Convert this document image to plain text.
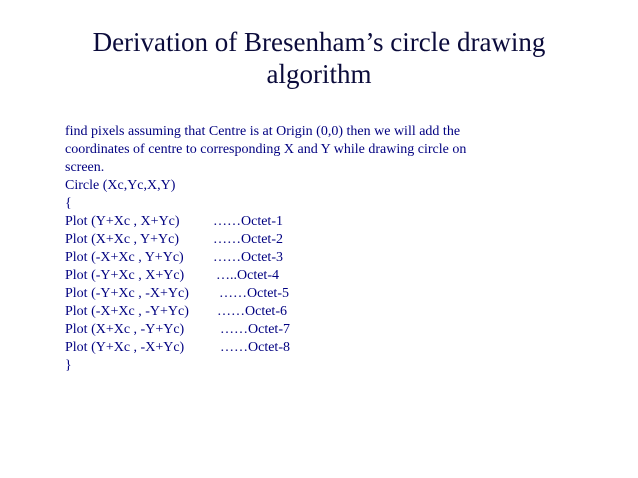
Derivation of Bresenham’s circle drawing
algorithm

find pixels assuming that Centre is at Origin (0,0) then we will add the coordinates of centre to corresponding X and Y while drawing circle on screen.

Circle (Xc,Yc,X,Y)
{

Plot (Y+Xc , X+Yc)

……Octet-1

Plot (X+Xc , Y+Yc)

……Octet-2

Plot (-X+Xc , Y+Yc)

……Octet-3

Plot (-Y+Xc , X+Yc)

…..Octet-4

Plot (-Y+Xc , -X+Yc)

……Octet-5

Plot (-X+Xc , -Y+Yc)

……Octet-6

Plot (X+Xc , -Y+Yc)

	……Octet-7

Plot (Y+Xc , -X+Yc)

	……Octet-8

}
